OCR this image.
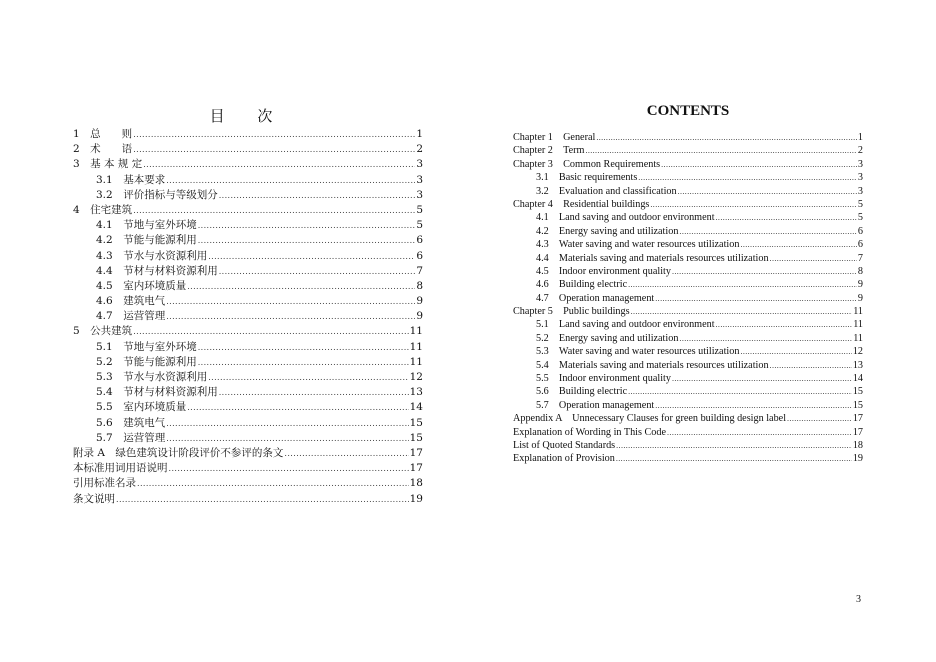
目 次
1　总　　则 .....	1
2　术　　语 .....	2
3　基 本 规 定 .....	3
3.1　基本要求 .....	3
3.2　评价指标与等级划分 .....	3
4　住宅建筑 .....	5
4.1　节地与室外环境 .....	5
4.2　节能与能源利用 .....	6
4.3　节水与水资源利用 .....	6
4.4　节材与材料资源利用 .....	7
4.5　室内环境质量 .....	8
4.6　建筑电气 .....	9
4.7　运营管理 .....	9
5　公共建筑 .....	11
5.1　节地与室外环境 .....	11
5.2　节能与能源利用 .....	11
5.3　节水与水资源利用 .....	12
5.4　节材与材料资源利用 .....	13
5.5　室内环境质量 .....	14
5.6　建筑电气 .....	15
5.7　运营管理 .....	15
附录 A　绿色建筑设计阶段评价不参评的条文 .....	17
本标准用词用语说明 .....	17
引用标准名录 .....	18
条文说明 .....	19
CONTENTS
Chapter 1　General .....	1
Chapter 2　Term .....	2
Chapter 3　Common Requirements .....	3
3.1　Basic requirements .....	3
3.2　Evaluation and classification .....	3
Chapter 4　Residential buildings .....	5
4.1　Land saving and outdoor environment .....	5
4.2　Energy saving and utilization .....	6
4.3　Water saving and water resources utilization .....	6
4.4　Materials saving and materials resources utilization .....	7
4.5　Indoor environment quality .....	8
4.6　Building electric .....	9
4.7　Operation management .....	9
Chapter 5　Public buildings .....	11
5.1　Land saving and outdoor environment .....	11
5.2　Energy saving and utilization .....	11
5.3　Water saving and water resources utilization .....	12
5.4　Materials saving and materials resources utilization .....	13
5.5　Indoor environment quality .....	14
5.6　Building electric .....	15
5.7　Operation management .....	15
Appendix A　Unnecessary Clauses for green building design label .....	17
Explanation of Wording in This Code .....	17
List of Quoted Standards .....	18
Explanation of Provision .....	19
3
